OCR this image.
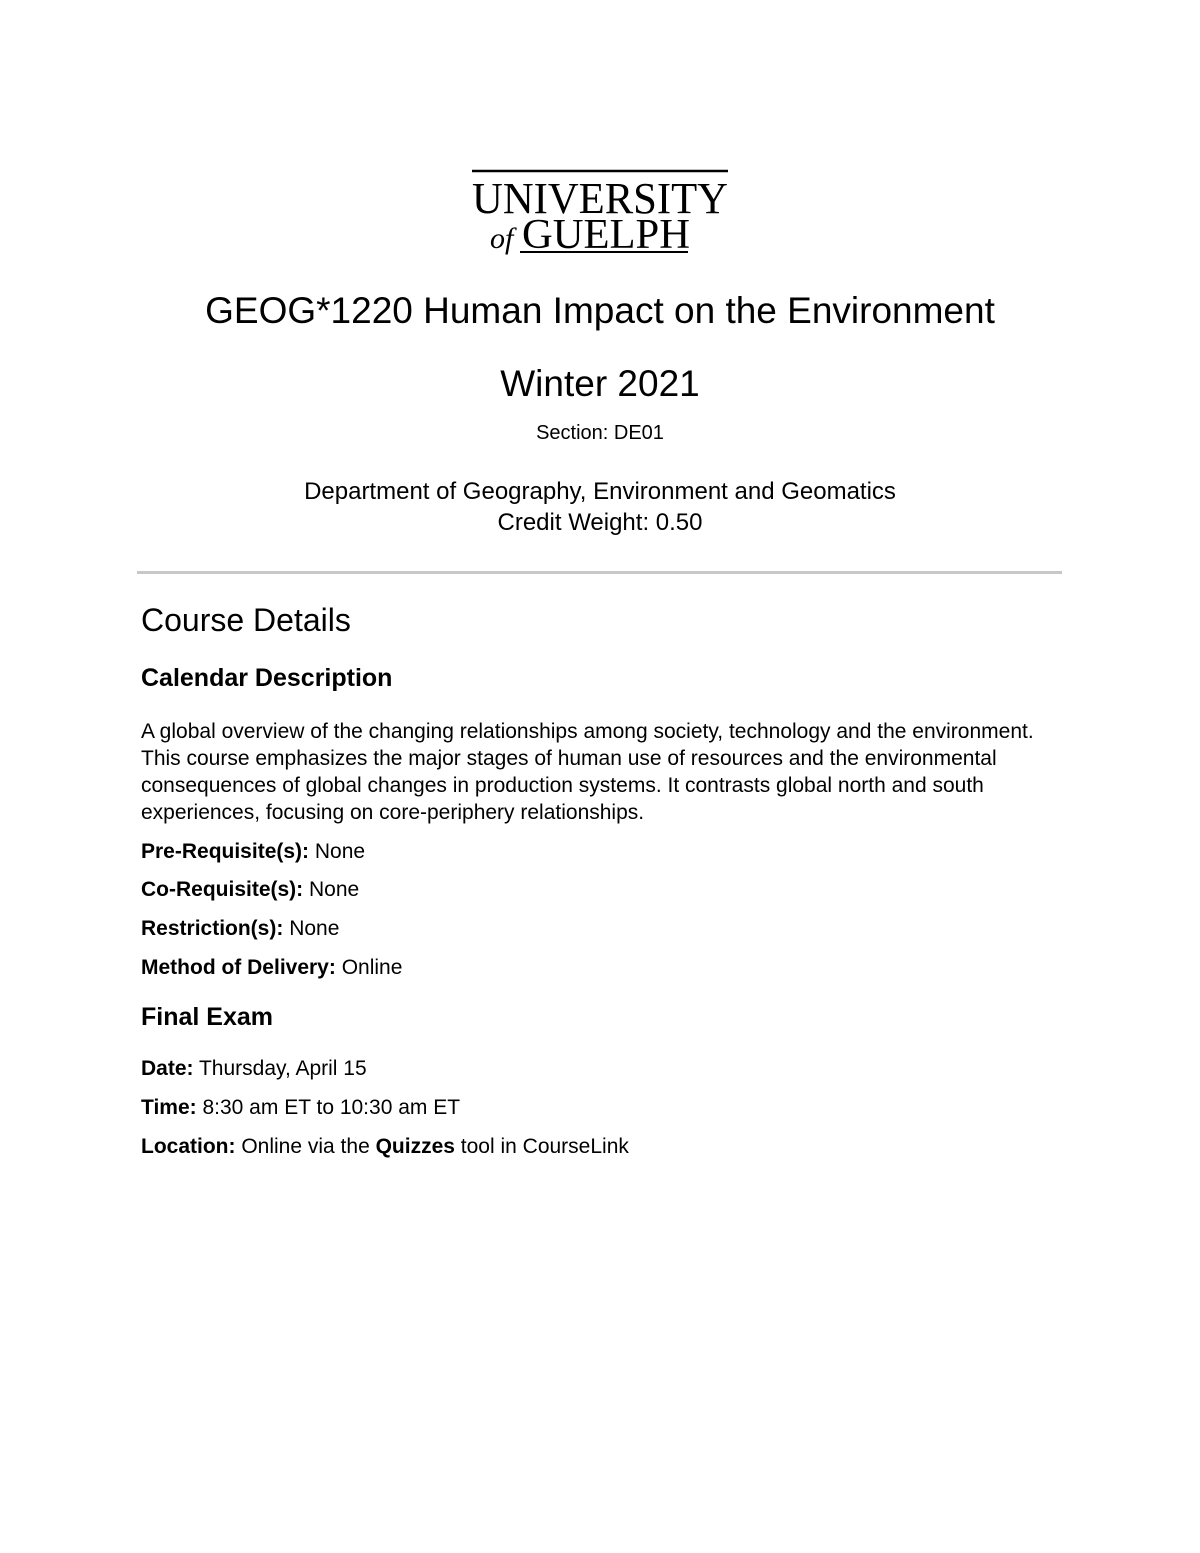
UNIVERSITY
of GUELPH
GEOG*1220 Human Impact on the Environment
Winter 2021
Section: DE01
Department of Geography, Environment and Geomatics
Credit Weight: 0.50
Course Details
Calendar Description
A global overview of the changing relationships among society, technology and the environment. This course emphasizes the major stages of human use of resources and the environmental consequences of global changes in production systems. It contrasts global north and south experiences, focusing on core-periphery relationships.
Pre-Requisite(s): None
Co-Requisite(s): None
Restriction(s): None
Method of Delivery: Online
Final Exam
Date: Thursday, April 15
Time: 8:30 am ET to 10:30 am ET
Location: Online via the Quizzes tool in CourseLink
